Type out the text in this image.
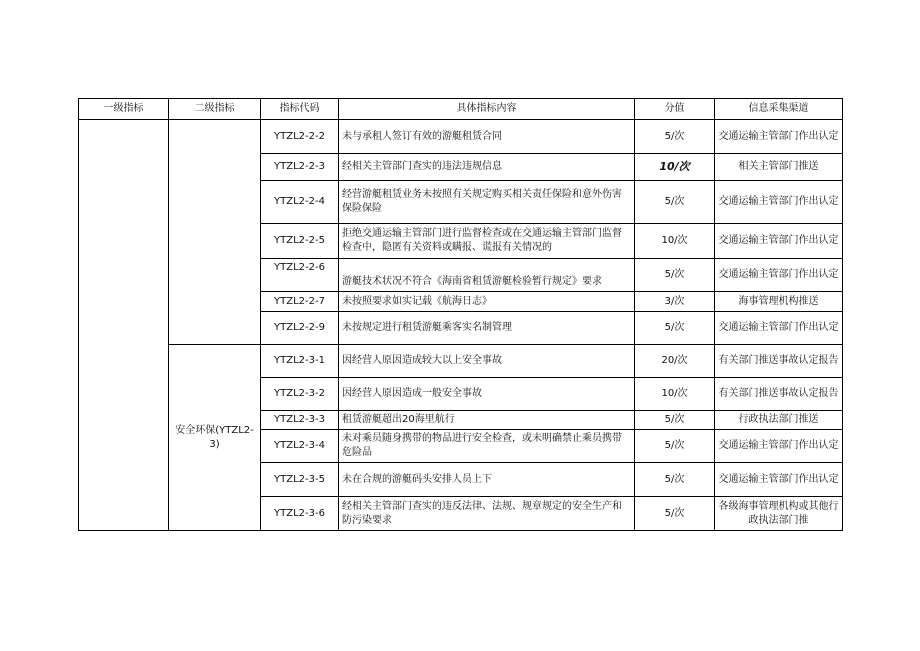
一级指标	二级指标	指标代码	具体指标内容	分值	信息采集渠道
		YTZL2-2-2	未与承租人签订有效的游艇租赁合同	5/次	交通运输主管部门作出认定
		YTZL2-2-3	经相关主管部门查实的违法违规信息	10/次	相关主管部门推送
		YTZL2-2-4	经营游艇租赁业务未按照有关规定购买相关责任保险和意外伤害保险保险	5/次	交通运输主管部门作出认定
		YTZL2-2-5	拒绝交通运输主管部门进行监督检查或在交通运输主管部门监督检查中，隐匿有关资料或瞒报、谎报有关情况的	10/次	交通运输主管部门作出认定
		YTZL2-2-6	游艇技术状况不符合《海南省租赁游艇检验暂行规定》要求	5/次	交通运输主管部门作出认定
		YTZL2-2-7	未按照要求如实记载《航海日志》	3/次	海事管理机构推送
		YTZL2-2-9	未按规定进行租赁游艇乘客实名制管理	5/次	交通运输主管部门作出认定
	安全环保(YTZL2-3)	YTZL2-3-1	因经营人原因造成较大以上安全事故	20/次	有关部门推送事故认定报告
		YTZL2-3-2	因经营人原因造成一般安全事故	10/次	有关部门推送事故认定报告
		YTZL2-3-3	租赁游艇超出20海里航行	5/次	行政执法部门推送
		YTZL2-3-4	未对乘员随身携带的物品进行安全检查，或未明确禁止乘员携带危险品	5/次	交通运输主管部门作出认定
		YTZL2-3-5	未在合规的游艇码头安排人员上下	5/次	交通运输主管部门作出认定
		YTZL2-3-6	经相关主管部门查实的违反法律、法规、规章规定的安全生产和防污染要求	5/次	各级海事管理机构或其他行政执法部门推
